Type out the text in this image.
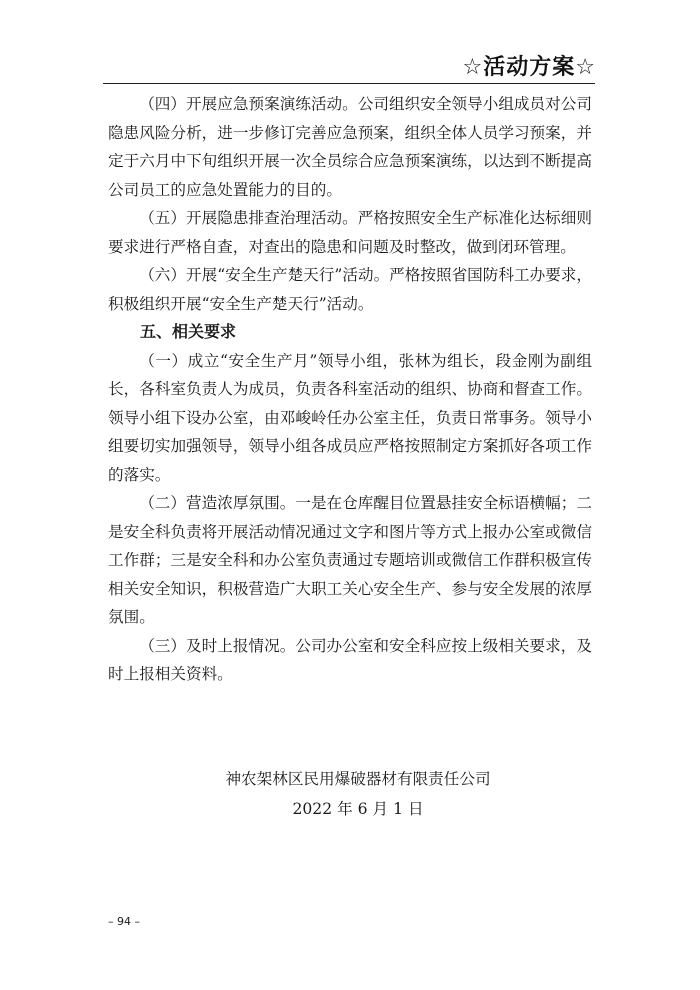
☆活动方案☆

（四）开展应急预案演练活动。公司组织安全领导小组成员对公司隐患风险分析，进一步修订完善应急预案，组织全体人员学习预案，并定于六月中下旬组织开展一次全员综合应急预案演练，以达到不断提高公司员工的应急处置能力的目的。

（五）开展隐患排查治理活动。严格按照安全生产标准化达标细则要求进行严格自查，对查出的隐患和问题及时整改，做到闭环管理。

（六）开展“安全生产楚天行”活动。严格按照省国防科工办要求，积极组织开展“安全生产楚天行”活动。

五、相关要求

（一）成立“安全生产月”领导小组，张林为组长，段金刚为副组长，各科室负责人为成员，负责各科室活动的组织、协商和督查工作。领导小组下设办公室，由邓峻岭任办公室主任，负责日常事务。领导小组要切实加强领导，领导小组各成员应严格按照制定方案抓好各项工作的落实。

（二）营造浓厚氛围。一是在仓库醒目位置悬挂安全标语横幅；二是安全科负责将开展活动情况通过文字和图片等方式上报办公室或微信工作群；三是安全科和办公室负责通过专题培训或微信工作群积极宣传相关安全知识，积极营造广大职工关心安全生产、参与安全发展的浓厚氛围。

（三）及时上报情况。公司办公室和安全科应按上级相关要求，及时上报相关资料。

神农架林区民用爆破器材有限责任公司
2022 年 6 月 1 日
– 94 –
